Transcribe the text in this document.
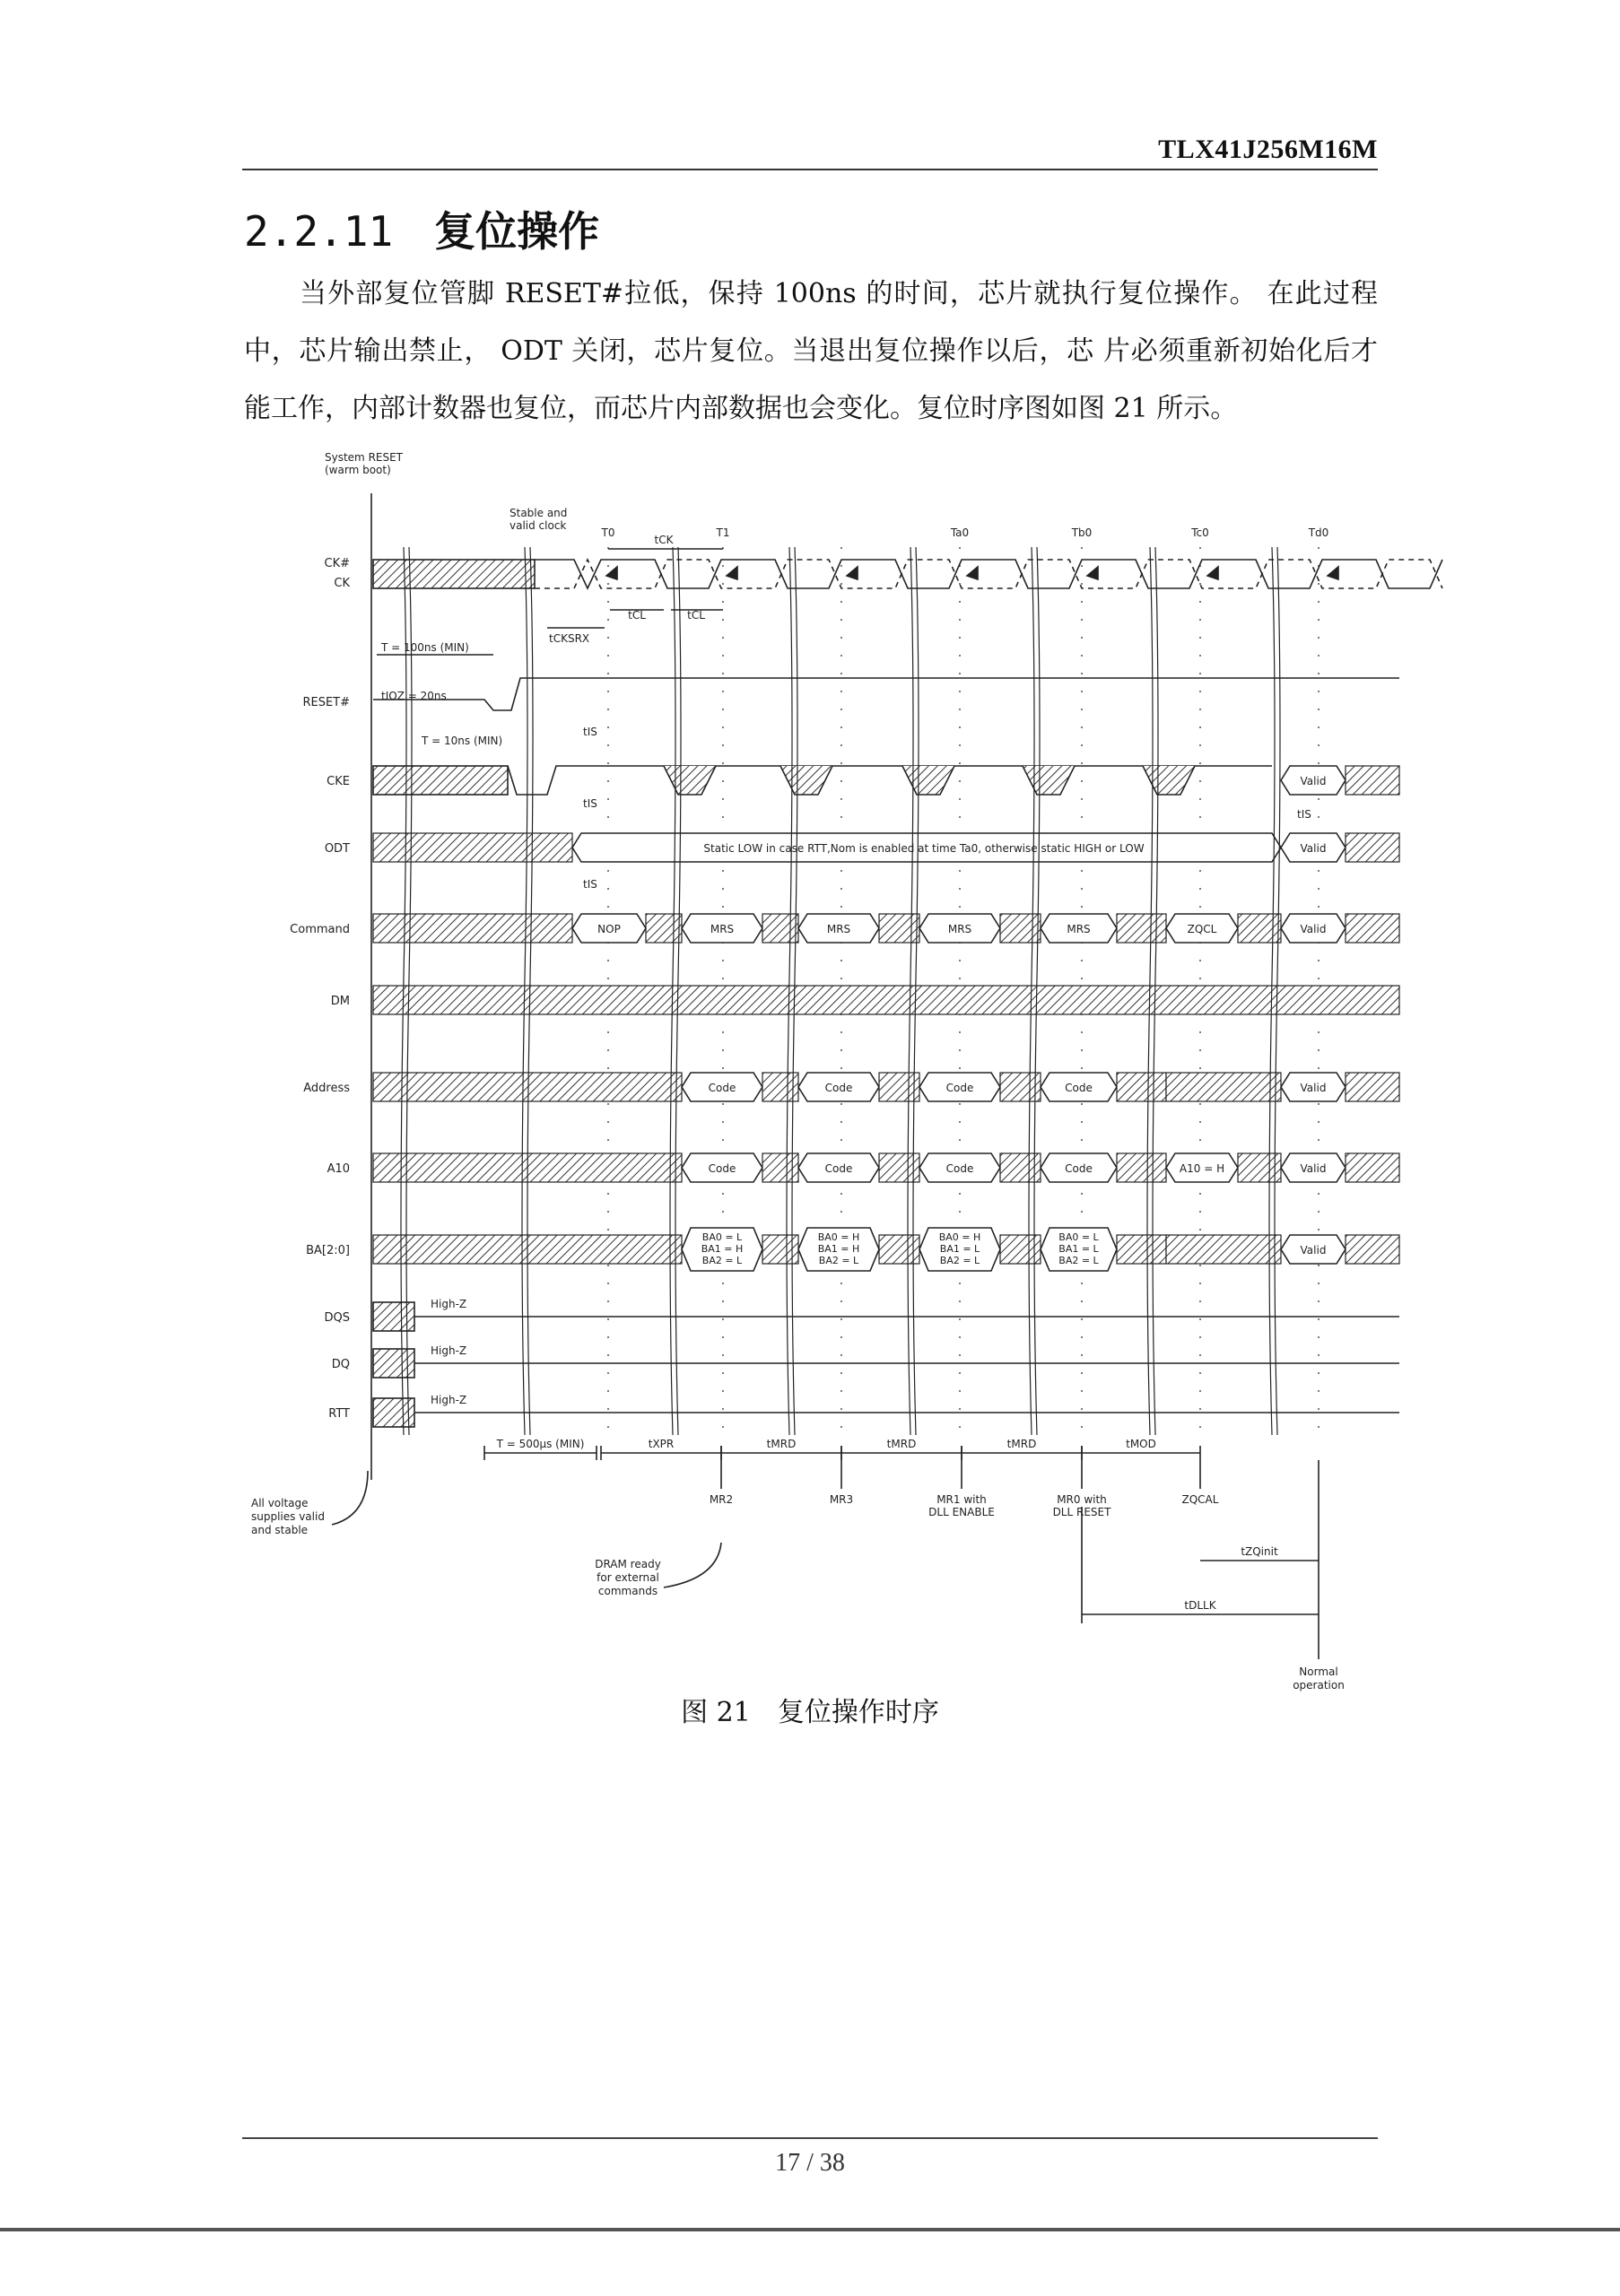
TLX41J256M16M
2.2.11 复位操作
当外部复位管脚 RESET#拉低，保持 100ns 的时间，芯片就执行复位操作。 在此过程中，芯片输出禁止， ODT 关闭，芯片复位。当退出复位操作以后，芯 片必须重新初始化后才能工作，内部计数器也复位，而芯片内部数据也会变化。复位时序图如图 21 所示。
CK#
CK
RESET#
CKE
ODT
Command
DM
Address
A10
BA[2:0]
DQS
DQ
RTT
System RESET
(warm boot)
Stable and
valid clock
T0	T1	Ta0	Tb0	Tc0	Td0
tCK
tCL	tCL
tCKSRX
T = 100ns (MIN)
tIOZ = 20ns
T = 10ns (MIN)
Valid
tIS
tIS
Valid
Static LOW in case RTT,Nom is enabled at time Ta0, otherwise static HIGH or LOW
tIS
NOP	MRS	MRS	MRS	MRS	ZQCL	Valid
tIS
Code	Code	Code	Code	Valid
Code	Code	Code	Code	A10 = H	Valid
Valid
BA0 = L
BA1 = H
BA2 = L
BA0 = H
BA1 = H
BA2 = L
BA0 = H
BA1 = L
BA2 = L
BA0 = L
BA1 = L
BA2 = L
High-Z
High-Z
High-Z
T = 500µs (MIN)	tXPR	tMRD	tMRD	tMRD	tMOD
MR2	MR3	MR1 with
DLL ENABLE
MR0 with
DLL RESET
ZQCAL
tZQinit
tDLLK
All voltage
supplies valid
and stable
DRAM ready
for external
commands
Normal
operation
图 21　复位操作时序
17 / 38
